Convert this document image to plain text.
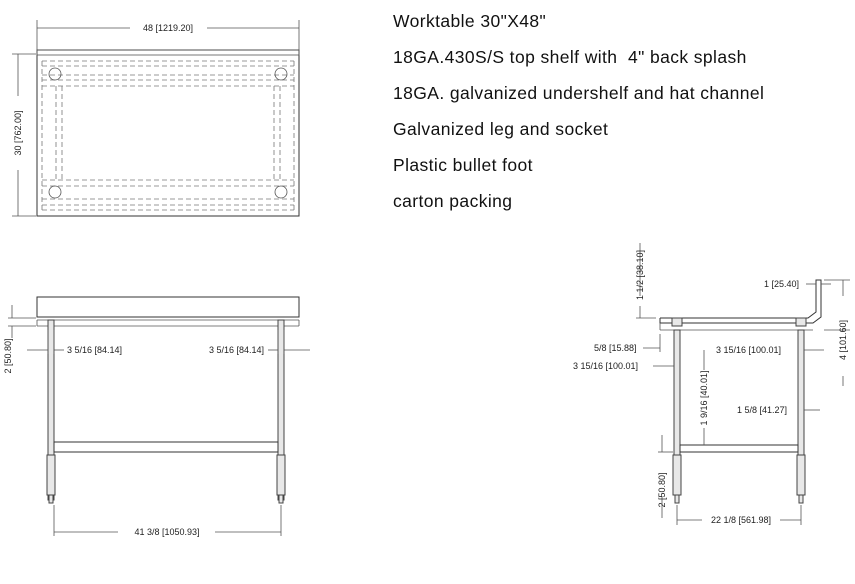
48 [1219.20]
30 [762.00]
2 [50.80]	3 5/16 [84.14]	3 5/16 [84.14]
41 3/8 [1050.93]
1 1/2 [38.10]	1 [25.40]
4 [101.60]
5/8 [15.88]
3 15/16 [100.01]
3 15/16 [100.01]
1 9/16 [40.01]	1 5/8 [41.27]
2 [50.80]
22 1/8 [561.98]
Worktable 30"X48"
18GA.430S/S top shelf with  4" back splash
18GA. galvanized undershelf and hat channel
Galvanized leg and socket
Plastic bullet foot
carton packing
